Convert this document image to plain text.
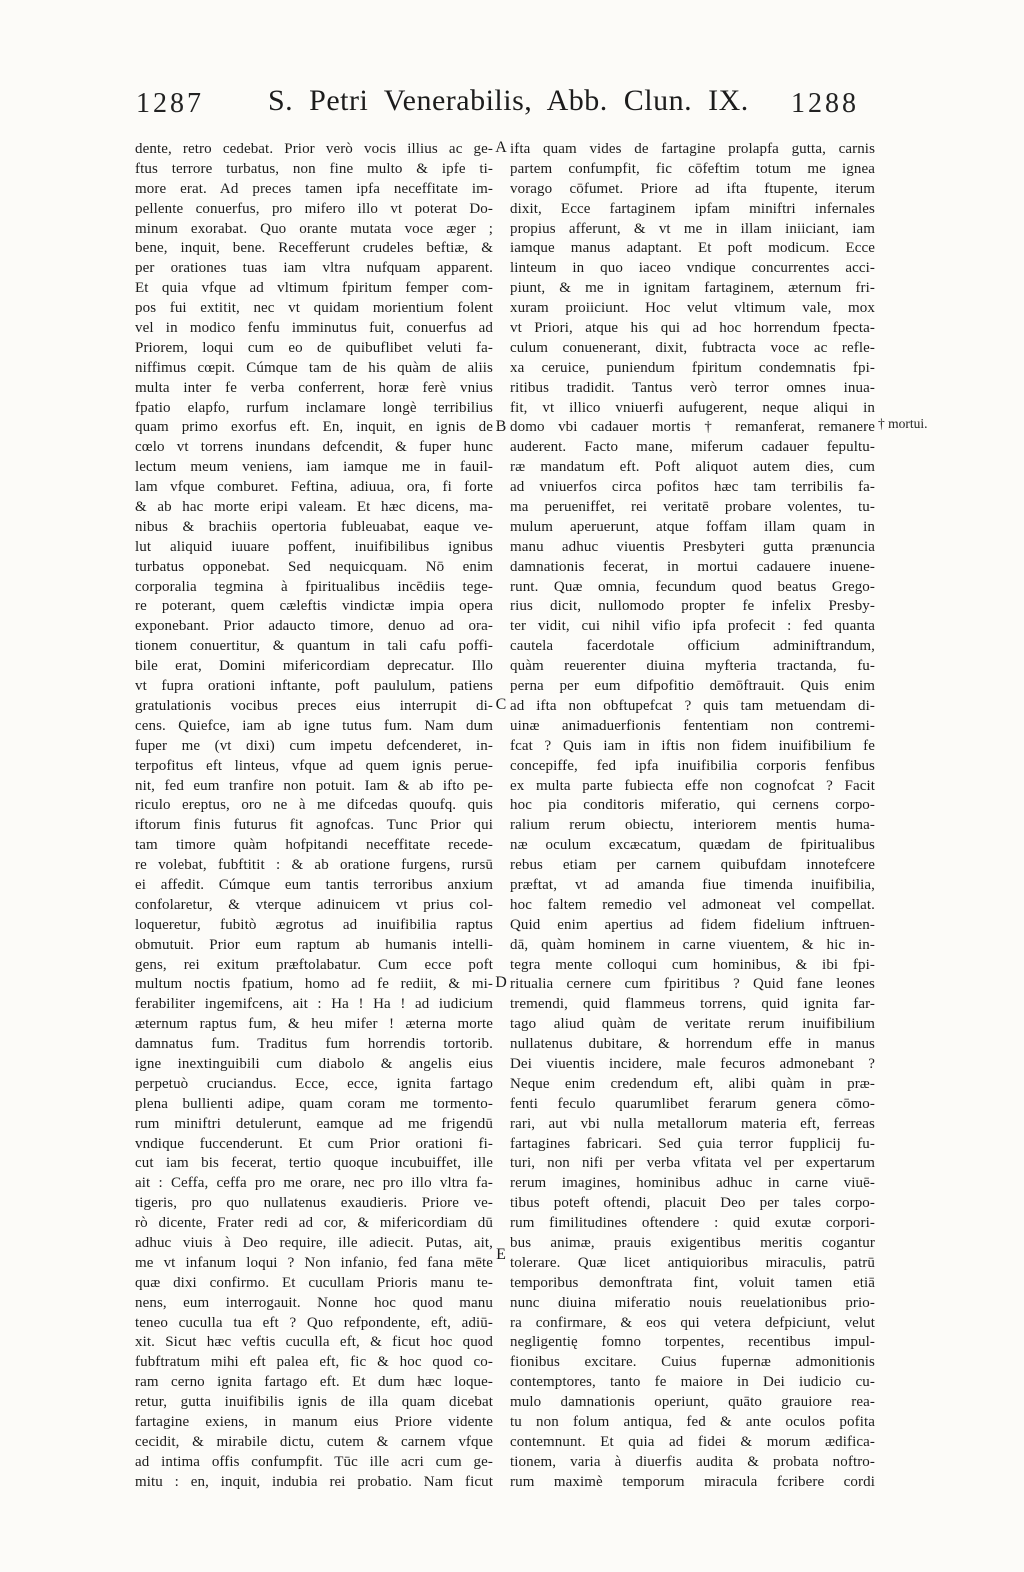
1287 S. Petri Venerabilis, Abb. Clun. IX. 1288
dente, retro cedebat. Prior verò vocis illius ac ge-
ftus terrore turbatus, non fine multo & ipfe ti-
more erat. Ad preces tamen ipfa neceffitate im-
pellente conuerfus, pro mifero illo vt poterat Do-
minum exorabat. Quo orante mutata voce æger ;
bene, inquit, bene. Recefferunt crudeles beftiæ, &
per orationes tuas iam vltra nufquam apparent.
Et quia vfque ad vltimum fpiritum femper com-
pos fui extitit, nec vt quidam morientium folent
vel in modico fenfu imminutus fuit, conuerfus ad
Priorem, loqui cum eo de quibuflibet veluti fa-
niffimus cœpit. Cúmque tam de his quàm de aliis
multa inter fe verba conferrent, horæ ferè vnius
fpatio elapfo, rurfum inclamare longè terribilius
quam primo exorfus eft. En, inquit, en ignis de
cœlo vt torrens inundans defcendit, & fuper hunc
lectum meum veniens, iam iamque me in fauil-
lam vfque comburet. Feftina, adiuua, ora, fi forte
& ab hac morte eripi valeam. Et hæc dicens, ma-
nibus & brachiis opertoria fubleuabat, eaque ve-
lut aliquid iuuare poffent, inuifibilibus ignibus
turbatus opponebat. Sed nequicquam. Nō enim
corporalia tegmina à fpiritualibus incēdiis tege-
re poterant, quem cæleftis vindictæ impia opera
exponebant. Prior adaucto timore, denuo ad ora-
tionem conuertitur, & quantum in tali cafu poffi-
bile erat, Domini mifericordiam deprecatur. Illo
vt fupra orationi inftante, poft paululum, patiens
gratulationis vocibus preces eius interrupit di-
cens. Quiefce, iam ab igne tutus fum. Nam dum
fuper me (vt dixi) cum impetu defcenderet, in-
terpofitus eft linteus, vfque ad quem ignis perue-
nit, fed eum tranfire non potuit. Iam & ab ifto pe-
riculo ereptus, oro ne à me difcedas quoufq. quis
iftorum finis futurus fit agnofcas. Tunc Prior qui
tam timore quàm hofpitandi neceffitate recede-
re volebat, fubftitit : & ab oratione furgens, rursū
ei affedit. Cúmque eum tantis terroribus anxium
confolaretur, & vterque adinuicem vt prius col-
loqueretur, fubitò ægrotus ad inuifibilia raptus
obmutuit. Prior eum raptum ab humanis intelli-
gens, rei exitum præftolabatur. Cum ecce poft
multum noctis fpatium, homo ad fe rediit, & mi-
ferabiliter ingemifcens, ait : Ha ! Ha ! ad iudicium
æternum raptus fum, & heu mifer ! æterna morte
damnatus fum. Traditus fum horrendis tortorib.
igne inextinguibili cum diabolo & angelis eius
perpetuò cruciandus. Ecce, ecce, ignita fartago
plena bullienti adipe, quam coram me tormento-
rum miniftri detulerunt, eamque ad me frigendū
vndique fuccenderunt. Et cum Prior orationi fi-
cut iam bis fecerat, tertio quoque incubuiffet, ille
ait : Ceffa, ceffa pro me orare, nec pro illo vltra fa-
tigeris, pro quo nullatenus exaudieris. Priore ve-
rò dicente, Frater redi ad cor, & mifericordiam dū
adhuc viuis à Deo require, ille adiecit. Putas, ait,
me vt infanum loqui ? Non infanio, fed fana mēte
quæ dixi confirmo. Et cucullam Prioris manu te-
nens, eum interrogauit. Nonne hoc quod manu
teneo cuculla tua eft ? Quo refpondente, eft, adiū-
xit. Sicut hæc veftis cuculla eft, & ficut hoc quod
fubftratum mihi eft palea eft, fic & hoc quod co-
ram cerno ignita fartago eft. Et dum hæc loque-
retur, gutta inuifibilis ignis de illa quam dicebat
fartagine exiens, in manum eius Priore vidente
cecidit, & mirabile dictu, cutem & carnem vfque
ad intima offis confumpfit. Tūc ille acri cum ge-
mitu : en, inquit, indubia rei probatio. Nam ficut
ifta quam vides de fartagine prolapfa gutta, carnis
partem confumpfit, fic cōfeftim totum me ignea
vorago cōfumet. Priore ad ifta ftupente, iterum
dixit, Ecce fartaginem ipfam miniftri infernales
propius afferunt, & vt me in illam iniiciant, iam
iamque manus adaptant. Et poft modicum. Ecce
linteum in quo iaceo vndique concurrentes acci-
piunt, & me in ignitam fartaginem, æternum fri-
xuram proiiciunt. Hoc velut vltimum vale, mox
vt Priori, atque his qui ad hoc horrendum fpecta-
culum conuenerant, dixit, fubtracta voce ac refle-
xa ceruice, puniendum fpiritum condemnatis fpi-
ritibus tradidit. Tantus verò terror omnes inua-
fit, vt illico vniuerfi aufugerent, neque aliqui in
domo vbi cadauer mortis † remanferat, remanere
auderent. Facto mane, miferum cadauer fepultu-
ræ mandatum eft. Poft aliquot autem dies, cum
ad vniuerfos circa pofitos hæc tam terribilis fa-
ma perueniffet, rei veritatē probare volentes, tu-
mulum aperuerunt, atque foffam illam quam in
manu adhuc viuentis Presbyteri gutta prænuncia
damnationis fecerat, in mortui cadauere inuene-
runt. Quæ omnia, fecundum quod beatus Grego-
rius dicit, nullomodo propter fe infelix Presby-
ter vidit, cui nihil vifio ipfa profecit : fed quanta
cautela facerdotale officium adminiftrandum,
quàm reuerenter diuina myfteria tractanda, fu-
perna per eum difpofitio demōftrauit. Quis enim
ad ifta non obftupefcat ? quis tam metuendam di-
uinæ animaduerfionis fententiam non contremi-
fcat ? Quis iam in iftis non fidem inuifibilium fe
concepiffe, fed ipfa inuifibilia corporis fenfibus
ex multa parte fubiecta effe non cognofcat ? Facit
hoc pia conditoris miferatio, qui cernens corpo-
ralium rerum obiectu, interiorem mentis huma-
næ oculum excæcatum, quædam de fpiritualibus
rebus etiam per carnem quibufdam innotefcere
præftat, vt ad amanda fiue timenda inuifibilia,
hoc faltem remedio vel admoneat vel compellat.
Quid enim apertius ad fidem fidelium inftruen-
dā, quàm hominem in carne viuentem, & hic in-
tegra mente colloqui cum hominibus, & ibi fpi-
ritualia cernere cum fpiritibus ? Quid fane leones
tremendi, quid flammeus torrens, quid ignita far-
tago aliud quàm de veritate rerum inuifibilium
nullatenus dubitare, & horrendum effe in manus
Dei viuentis incidere, male fecuros admonebant ?
Neque enim credendum eft, alibi quàm in præ-
fenti feculo quarumlibet ferarum genera cōmo-
rari, aut vbi nulla metallorum materia eft, ferreas
fartagines fabricari. Sed çuia terror fupplicij fu-
turi, non nifi per verba vfitata vel per expertarum
rerum imagines, hominibus adhuc in carne viuē-
tibus poteft oftendi, placuit Deo per tales corpo-
rum fimilitudines oftendere : quid exutæ corpori-
bus animæ, prauis exigentibus meritis cogantur
tolerare. Quæ licet antiquioribus miraculis, patrū
temporibus demonftrata fint, voluit tamen etiā
nunc diuina miferatio nouis reuelationibus prio-
ra confirmare, & eos qui vetera defpiciunt, velut
negligentię fomno torpentes, recentibus impul-
fionibus excitare. Cuius fupernæ admonitionis
contemptores, tanto fe maiore in Dei iudicio cu-
mulo damnationis operiunt, quāto grauiore rea-
tu non folum antiqua, fed & ante oculos pofita
contemnunt. Et quia ad fidei & morum ædifica-
tionem, varia à diuerfis audita & probata noftro-
rum maximè temporum miracula fcribere cordi
A
B
C
D
E
† mortui.
